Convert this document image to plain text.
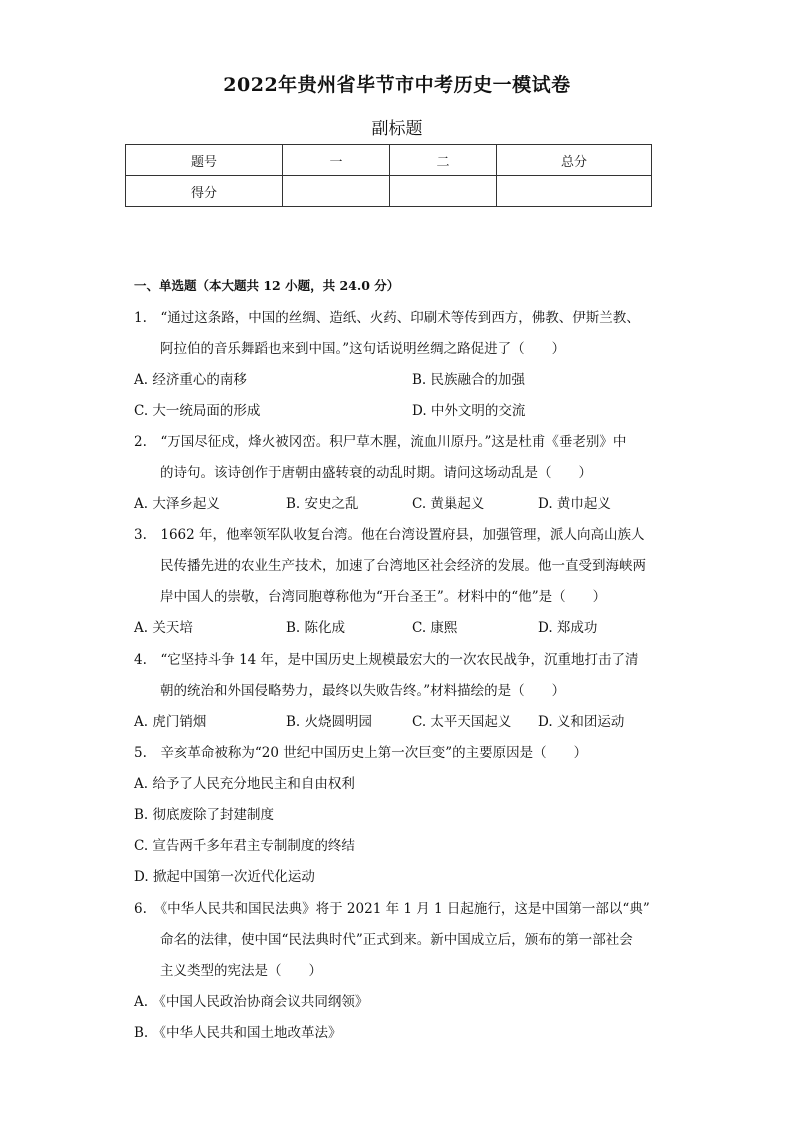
2022年贵州省毕节市中考历史一模试卷
副标题
题号	一	二	总分
得分			
一、单选题（本大题共 12 小题，共 24.0 分）
1.　“通过这条路，中国的丝绸、造纸、火药、印刷术等传到西方，佛教、伊斯兰教、
阿拉伯的音乐舞蹈也来到中国。”这句话说明丝绸之路促进了（　　）
A. 经济重心的南移	B. 民族融合的加强
C. 大一统局面的形成	D. 中外文明的交流
2.　“万国尽征戍，烽火被冈峦。积尸草木腥，流血川原丹。”这是杜甫《垂老别》中
的诗句。该诗创作于唐朝由盛转衰的动乱时期。请问这场动乱是（　　）
A. 大泽乡起义	B. 安史之乱	C. 黄巢起义	D. 黄巾起义
3.　1662 年，他率领军队收复台湾。他在台湾设置府县，加强管理，派人向高山族人
民传播先进的农业生产技术，加速了台湾地区社会经济的发展。他一直受到海峡两
岸中国人的崇敬，台湾同胞尊称他为“开台圣王”。材料中的“他”是（　　）
A. 关天培	B. 陈化成	C. 康熙	D. 郑成功
4.　“它坚持斗争 14 年，是中国历史上规模最宏大的一次农民战争，沉重地打击了清
朝的统治和外国侵略势力，最终以失败告终。”材料描绘的是（　　）
A. 虎门销烟	B. 火烧圆明园	C. 太平天国起义 D. 义和团运动
5.　辛亥革命被称为“20 世纪中国历史上第一次巨变”的主要原因是（　　）
A. 给予了人民充分地民主和自由权利
B. 彻底废除了封建制度
C. 宣告两千多年君主专制制度的终结
D. 掀起中国第一次近代化运动
6.　《中华人民共和国民法典》将于 2021 年 1 月 1 日起施行，这是中国第一部以“典”
命名的法律，使中国“民法典时代”正式到来。新中国成立后，颁布的第一部社会
主义类型的宪法是（　　）
A. 《中国人民政治协商会议共同纲领》
B. 《中华人民共和国土地改革法》
